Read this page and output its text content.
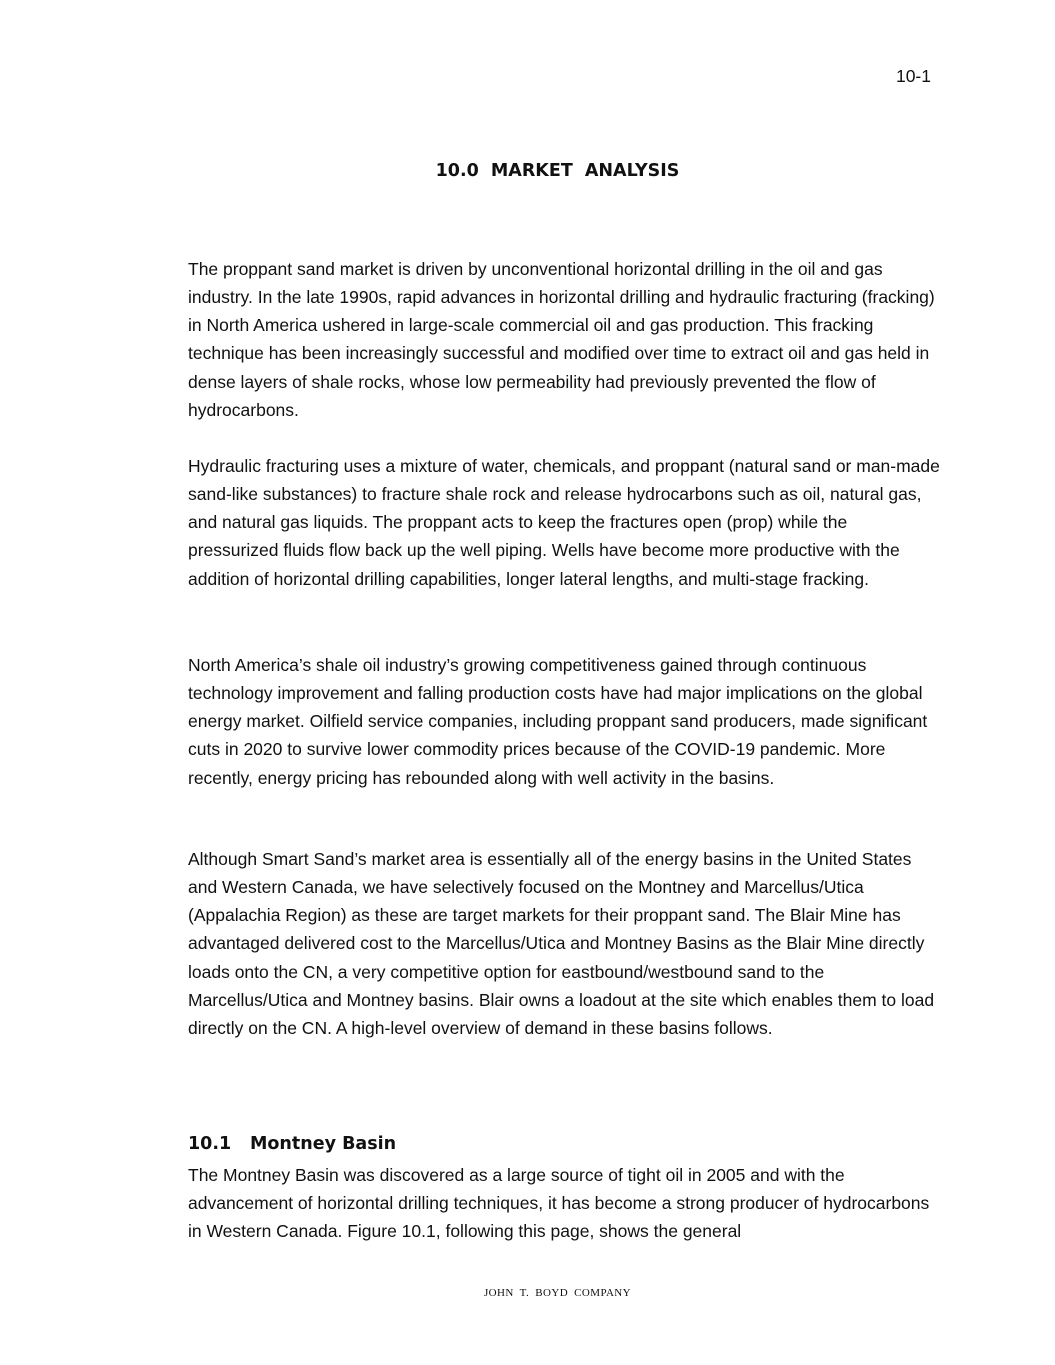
10-1
10.0 MARKET ANALYSIS

The proppant sand market is driven by unconventional horizontal drilling in the oil and gas industry. In the late 1990s, rapid advances in horizontal drilling and hydraulic fracturing (fracking) in North America ushered in large-scale commercial oil and gas production. This fracking technique has been increasingly successful and modified over time to extract oil and gas held in dense layers of shale rocks, whose low permeability had previously prevented the flow of hydrocarbons.

Hydraulic fracturing uses a mixture of water, chemicals, and proppant (natural sand or man-made sand-like substances) to fracture shale rock and release hydrocarbons such as oil, natural gas, and natural gas liquids. The proppant acts to keep the fractures open (prop) while the pressurized fluids flow back up the well piping. Wells have become more productive with the addition of horizontal drilling capabilities, longer lateral lengths, and multi-stage fracking.

North America’s shale oil industry’s growing competitiveness gained through continuous technology improvement and falling production costs have had major implications on the global energy market. Oilfield service companies, including proppant sand producers, made significant cuts in 2020 to survive lower commodity prices because of the COVID-19 pandemic. More recently, energy pricing has rebounded along with well activity in the basins.

Although Smart Sand’s market area is essentially all of the energy basins in the United States and Western Canada, we have selectively focused on the Montney and Marcellus/Utica (Appalachia Region) as these are target markets for their proppant sand. The Blair Mine has advantaged delivered cost to the Marcellus/Utica and Montney Basins as the Blair Mine directly loads onto the CN, a very competitive option for eastbound/westbound sand to the Marcellus/Utica and Montney basins. Blair owns a loadout at the site which enables them to load directly on the CN. A high-level overview of demand in these basins follows.

10.1 Montney Basin

The Montney Basin was discovered as a large source of tight oil in 2005 and with the advancement of horizontal drilling techniques, it has become a strong producer of hydrocarbons in Western Canada. Figure 10.1, following this page, shows the general

JOHN T. BOYD COMPANY
